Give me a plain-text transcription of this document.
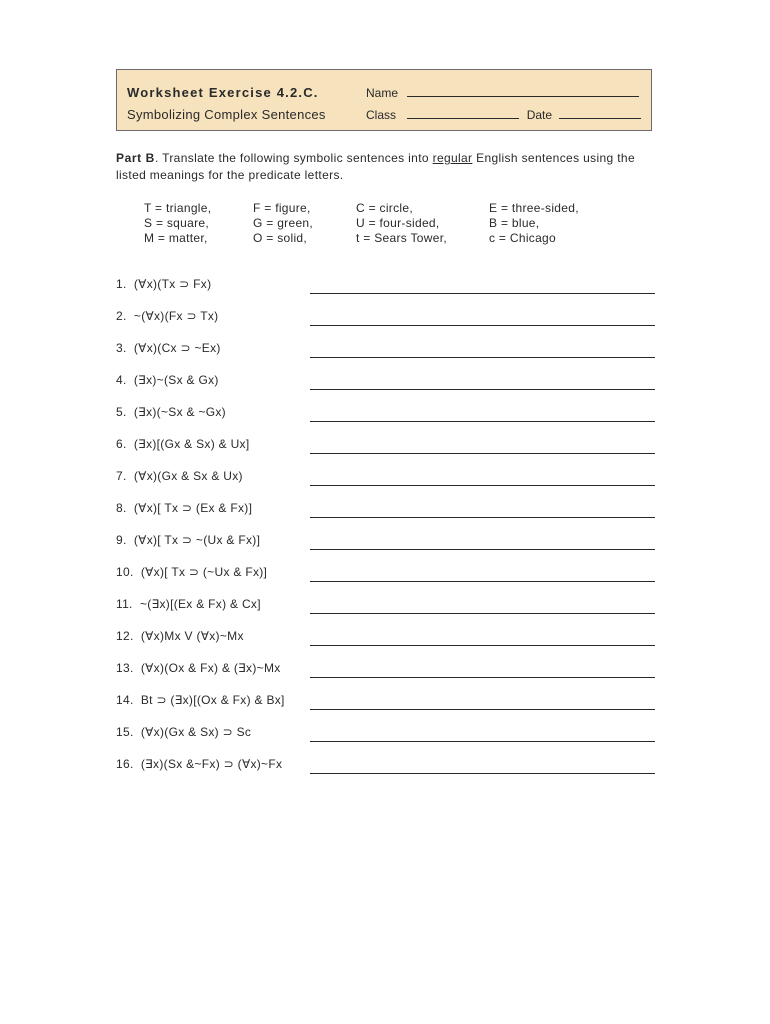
Worksheet Exercise 4.2.C.
Symbolizing Complex Sentences
Name
Class	Date
Part B. Translate the following symbolic sentences into regular English sentences using the listed meanings for the predicate letters.
T = triangle,
S = square,
M = matter,
F = figure,
G = green,
O = solid,
C = circle,
U = four-sided,
t = Sears Tower,
E = three-sided,
B = blue,
c = Chicago
1. (∀x)(Tx ⊃ Fx)
2. ~(∀x)(Fx ⊃ Tx)
3. (∀x)(Cx ⊃ ~Ex)
4. (∃x)~(Sx & Gx)
5. (∃x)(~Sx & ~Gx)
6. (∃x)[(Gx & Sx) & Ux]
7. (∀x)(Gx & Sx & Ux)
8. (∀x)[ Tx ⊃ (Ex & Fx)]
9. (∀x)[ Tx ⊃ ~(Ux & Fx)]
10. (∀x)[ Tx ⊃ (~Ux & Fx)]
11. ~(∃x)[(Ex & Fx) & Cx]
12. (∀x)Mx V (∀x)~Mx
13. (∀x)(Ox & Fx) & (∃x)~Mx
14. Bt ⊃ (∃x)[(Ox & Fx) & Bx]
15. (∀x)(Gx & Sx) ⊃ Sc
16. (∃x)(Sx &~Fx) ⊃ (∀x)~Fx
